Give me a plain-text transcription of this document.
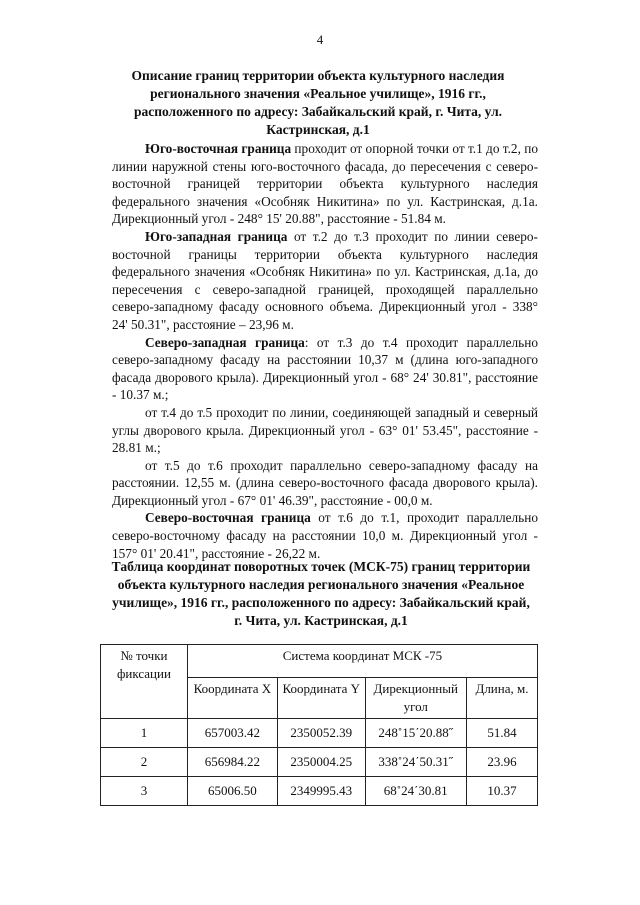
4
Описание границ территории объекта культурного наследия регионального значения «Реальное училище», 1916 гг., расположенного по адресу: Забайкальский край, г. Чита, ул. Кастринская, д.1

Юго-восточная граница проходит от опорной точки от т.1 до т.2, по линии наружной стены юго-восточного фасада, до пересечения с северо-восточной границей территории объекта культурного наследия федерального значения «Особняк Никитина» по ул. Кастринская, д.1а. Дирекционный угол - 248° 15' 20.88", расстояние - 51.84 м.

Юго-западная граница от т.2 до т.3 проходит по линии северо-восточной границы территории объекта культурного наследия федерального значения «Особняк Никитина» по ул. Кастринская, д.1а, до пересечения с северо-западной границей, проходящей параллельно северо-западному фасаду основного объема. Дирекционный угол - 338° 24' 50.31", расстояние – 23,96 м.

Северо-западная граница: от т.3 до т.4 проходит параллельно северо-западному фасаду на расстоянии 10,37 м (длина юго-западного фасада дворового крыла). Дирекционный угол - 68° 24' 30.81", расстояние - 10.37 м.;

от т.4 до т.5 проходит по линии, соединяющей западный и северный углы дворового крыла. Дирекционный угол - 63° 01' 53.45", расстояние - 28.81 м.;

от т.5 до т.6 проходит параллельно северо-западному фасаду на расстоянии. 12,55 м. (длина северо-восточного фасада дворового крыла). Дирекционный угол - 67° 01' 46.39", расстояние - 00,0 м.

Северо-восточная граница от т.6 до т.1, проходит параллельно северо-восточному фасаду на расстоянии 10,0 м. Дирекционный угол - 157° 01' 20.41", расстояние - 26,22 м.

Таблица координат поворотных точек (МСК-75) границ территории объекта культурного наследия регионального значения «Реальное училище», 1916 гг., расположенного по адресу: Забайкальский край, г. Чита, ул. Кастринская, д.1
№ точки фиксации	Система координат МСК -75			
	Координата X	Координата Y	Дирекционный угол	Длина, м.
1	657003.42	2350052.39	248˚15΄20.88˝	51.84
2	656984.22	2350004.25	338˚24΄50.31˝	23.96
3	65006.50	2349995.43	68˚24΄30.81	10.37
